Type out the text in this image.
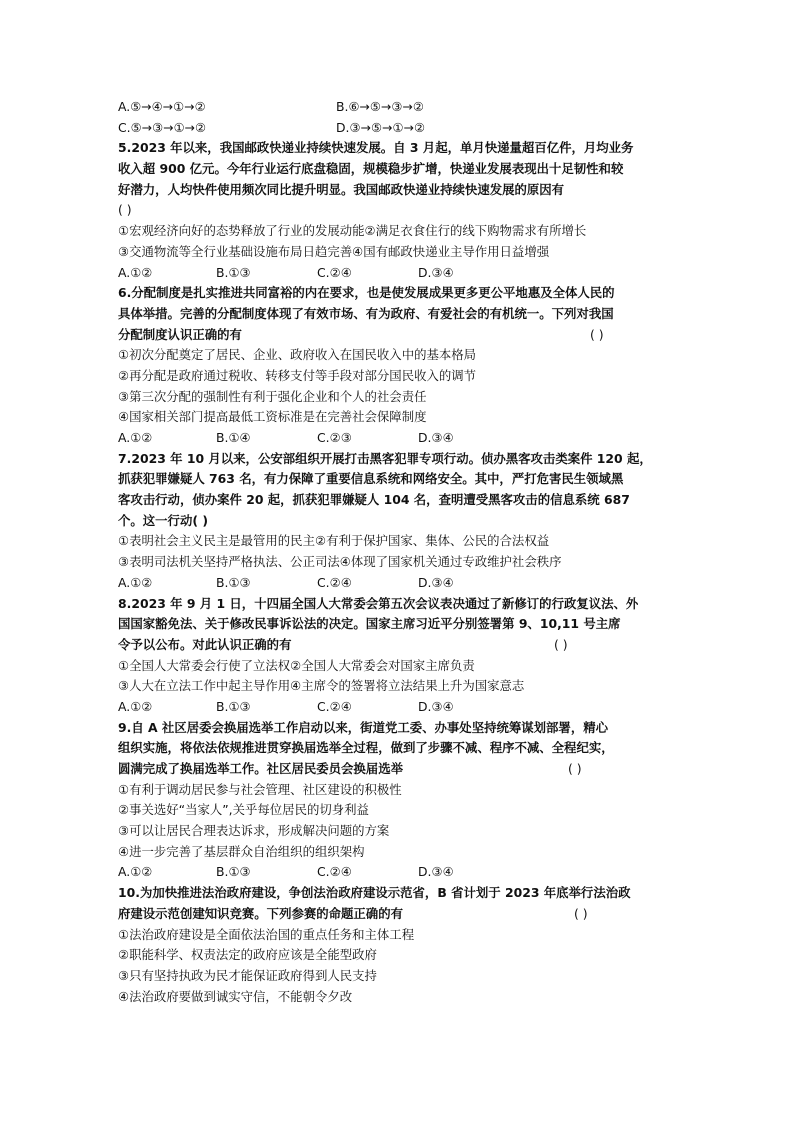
A.⑤→④→①→②	B.⑥→⑤→③→②
C.⑤→③→①→②	D.③→⑤→①→②
5.2023 年以来，我国邮政快递业持续快速发展。自 3 月起，单月快递量超百亿件，月均业务
收入超 900 亿元。今年行业运行底盘稳固，规模稳步扩增，快递业发展表现出十足韧性和较
好潜力，人均快件使用频次同比提升明显。我国邮政快递业持续快速发展的原因有
( )
①宏观经济向好的态势释放了行业的发展动能②满足衣食住行的线下购物需求有所增长
③交通物流等全行业基础设施布局日趋完善④国有邮政快递业主导作用日益增强
A.①②	B.①③	C.②④	D.③④
6.分配制度是扎实推进共同富裕的内在要求，也是使发展成果更多更公平地惠及全体人民的
具体举措。完善的分配制度体现了有效市场、有为政府、有爱社会的有机统一。下列对我国
分配制度认识正确的有	( )
①初次分配奠定了居民、企业、政府收入在国民收入中的基本格局
②再分配是政府通过税收、转移支付等手段对部分国民收入的调节
③第三次分配的强制性有利于强化企业和个人的社会责任
④国家相关部门提高最低工资标准是在完善社会保障制度
A.①②	B.①④	C.②③	D.③④
7.2023 年 10 月以来，公安部组织开展打击黑客犯罪专项行动。侦办黑客攻击类案件 120 起，
抓获犯罪嫌疑人 763 名，有力保障了重要信息系统和网络安全。其中，严打危害民生领域黑
客攻击行动，侦办案件 20 起，抓获犯罪嫌疑人 104 名，查明遭受黑客攻击的信息系统 687
个。这一行动( )
①表明社会主义民主是最管用的民主②有利于保护国家、集体、公民的合法权益
③表明司法机关坚持严格执法、公正司法④体现了国家机关通过专政维护社会秩序
A.①②	B.①③	C.②④	D.③④
8.2023 年 9 月 1 日，十四届全国人大常委会第五次会议表决通过了新修订的行政复议法、外
国国家豁免法、关于修改民事诉讼法的决定。国家主席习近平分别签署第 9、10,11 号主席
令予以公布。对此认识正确的有	( )
①全国人大常委会行使了立法权②全国人大常委会对国家主席负责
③人大在立法工作中起主导作用④主席令的签署将立法结果上升为国家意志
A.①②	B.①③	C.②④	D.③④
9.自 A 社区居委会换届选举工作启动以来，街道党工委、办事处坚持统筹谋划部署，精心
组织实施，将依法依规推进贯穿换届选举全过程，做到了步骤不减、程序不减、全程纪实，
圆满完成了换届选举工作。社区居民委员会换届选举	( )
①有利于调动居民参与社会管理、社区建设的积极性
②事关选好“当家人”,关乎每位居民的切身利益
③可以让居民合理表达诉求，形成解决问题的方案
④进一步完善了基层群众自治组织的组织架构
A.①②	B.①③	C.②④	D.③④
10.为加快推进法治政府建设，争创法治政府建设示范省，B 省计划于 2023 年底举行法治政
府建设示范创建知识竞赛。下列参赛的命题正确的有	( )
①法治政府建设是全面依法治国的重点任务和主体工程
②职能科学、权责法定的政府应该是全能型政府
③只有坚持执政为民才能保证政府得到人民支持
④法治政府要做到诚实守信，不能朝令夕改
